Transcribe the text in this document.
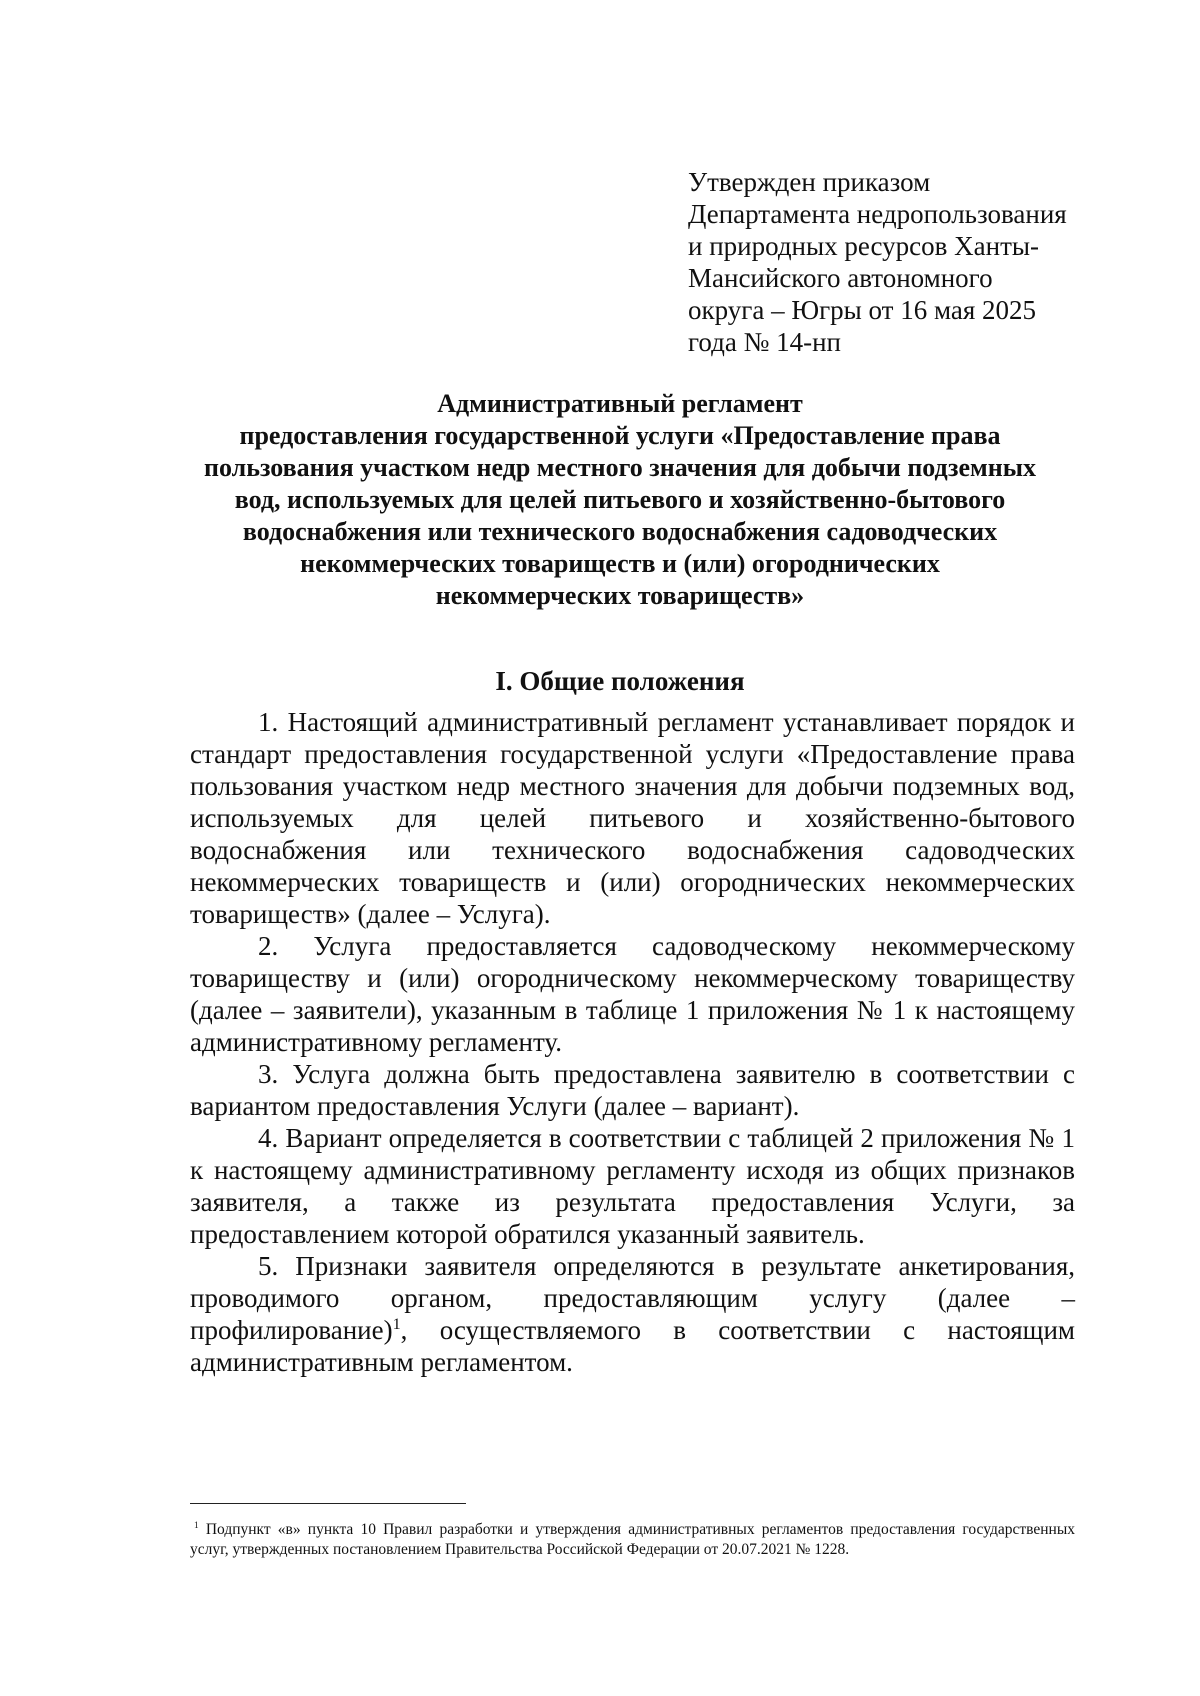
Утвержден приказом
Департамента недропользования
и природных ресурсов Ханты-
Мансийского автономного
округа – Югры от 16 мая 2025
года № 14-нп
Административный регламент
предоставления государственной услуги «Предоставление права
пользования участком недр местного значения для добычи подземных
вод, используемых для целей питьевого и хозяйственно-бытового
водоснабжения или технического водоснабжения садоводческих
некоммерческих товариществ и (или) огороднических
некоммерческих товариществ»
I. Общие положения

1. Настоящий административный регламент устанавливает порядок и стандарт предоставления государственной услуги «Предоставление права пользования участком недр местного значения для добычи подземных вод, используемых для целей питьевого и хозяйственно-бытового водоснабжения или технического водоснабжения садоводческих некоммерческих товариществ и (или) огороднических некоммерческих товариществ» (далее – Услуга).

2. Услуга предоставляется садоводческому некоммерческому товариществу и (или) огородническому некоммерческому товариществу (далее – заявители), указанным в таблице 1 приложения № 1 к настоящему административному регламенту.

3. Услуга должна быть предоставлена заявителю в соответствии с вариантом предоставления Услуги (далее – вариант).

4. Вариант определяется в соответствии с таблицей 2 приложения № 1 к настоящему административному регламенту исходя из общих признаков заявителя, а также из результата предоставления Услуги, за предоставлением которой обратился указанный заявитель.

5. Признаки заявителя определяются в результате анкетирования, проводимого органом, предоставляющим услугу (далее – профилирование)$^1$, осуществляемого в соответствии с настоящим административным регламентом.

$^1$ Подпункт «в» пункта 10 Правил разработки и утверждения административных регламентов предоставления государственных услуг, утвержденных постановлением Правительства Российской Федерации от 20.07.2021 № 1228.
